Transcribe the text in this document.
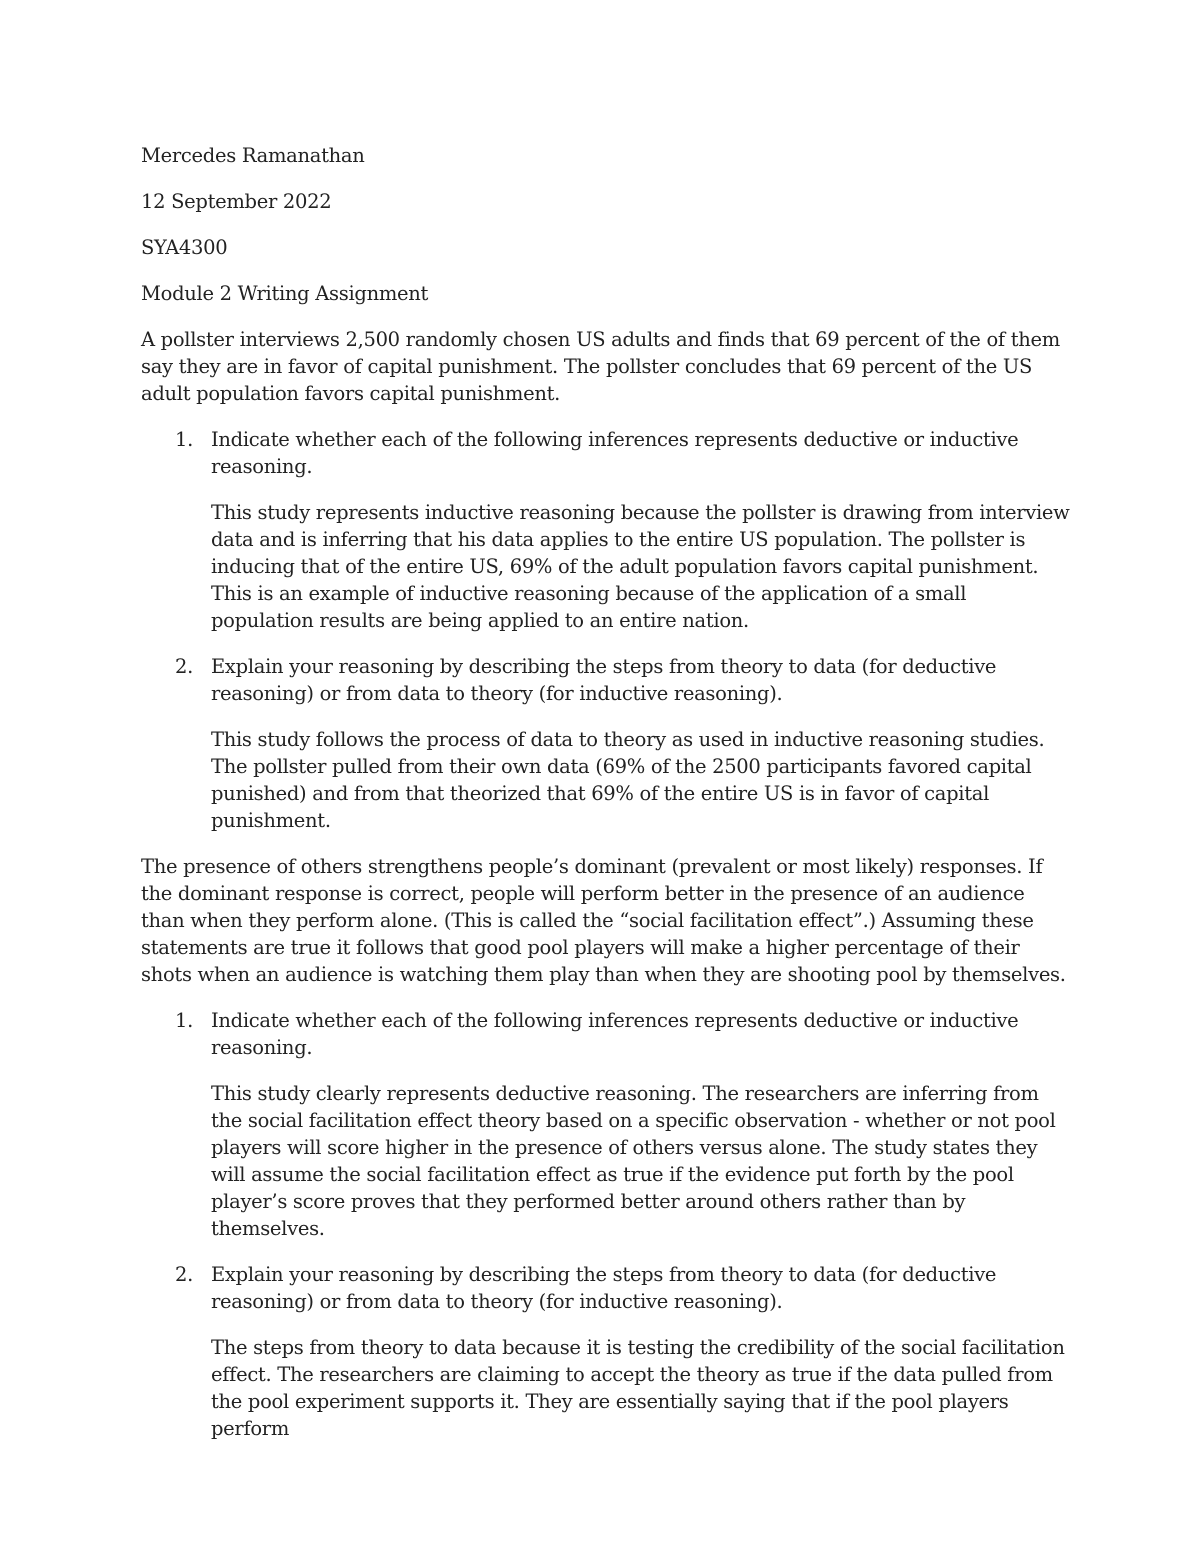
Mercedes Ramanathan

12 September 2022

SYA4300

Module 2 Writing Assignment

A pollster interviews 2,500 randomly chosen US adults and finds that 69 percent of the of them say they are in favor of capital punishment. The pollster concludes that 69 percent of the US adult population favors capital punishment.

1. Indicate whether each of the following inferences represents deductive or inductive reasoning.

This study represents inductive reasoning because the pollster is drawing from interview data and is inferring that his data applies to the entire US population. The pollster is inducing that of the entire US, 69% of the adult population favors capital punishment. This is an example of inductive reasoning because of the application of a small population results are being applied to an entire nation.

2. Explain your reasoning by describing the steps from theory to data (for deductive reasoning) or from data to theory (for inductive reasoning).

This study follows the process of data to theory as used in inductive reasoning studies. The pollster pulled from their own data (69% of the 2500 participants favored capital punished) and from that theorized that 69% of the entire US is in favor of capital punishment.

The presence of others strengthens people’s dominant (prevalent or most likely) responses. If the dominant response is correct, people will perform better in the presence of an audience than when they perform alone. (This is called the “social facilitation effect”.) Assuming these statements are true it follows that good pool players will make a higher percentage of their shots when an audience is watching them play than when they are shooting pool by themselves.

1. Indicate whether each of the following inferences represents deductive or inductive reasoning.

This study clearly represents deductive reasoning. The researchers are inferring from the social facilitation effect theory based on a specific observation - whether or not pool players will score higher in the presence of others versus alone. The study states they will assume the social facilitation effect as true if the evidence put forth by the pool player’s score proves that they performed better around others rather than by themselves.

2. Explain your reasoning by describing the steps from theory to data (for deductive reasoning) or from data to theory (for inductive reasoning).

The steps from theory to data because it is testing the credibility of the social facilitation effect. The researchers are claiming to accept the theory as true if the data pulled from the pool experiment supports it. They are essentially saying that if the pool players perform
